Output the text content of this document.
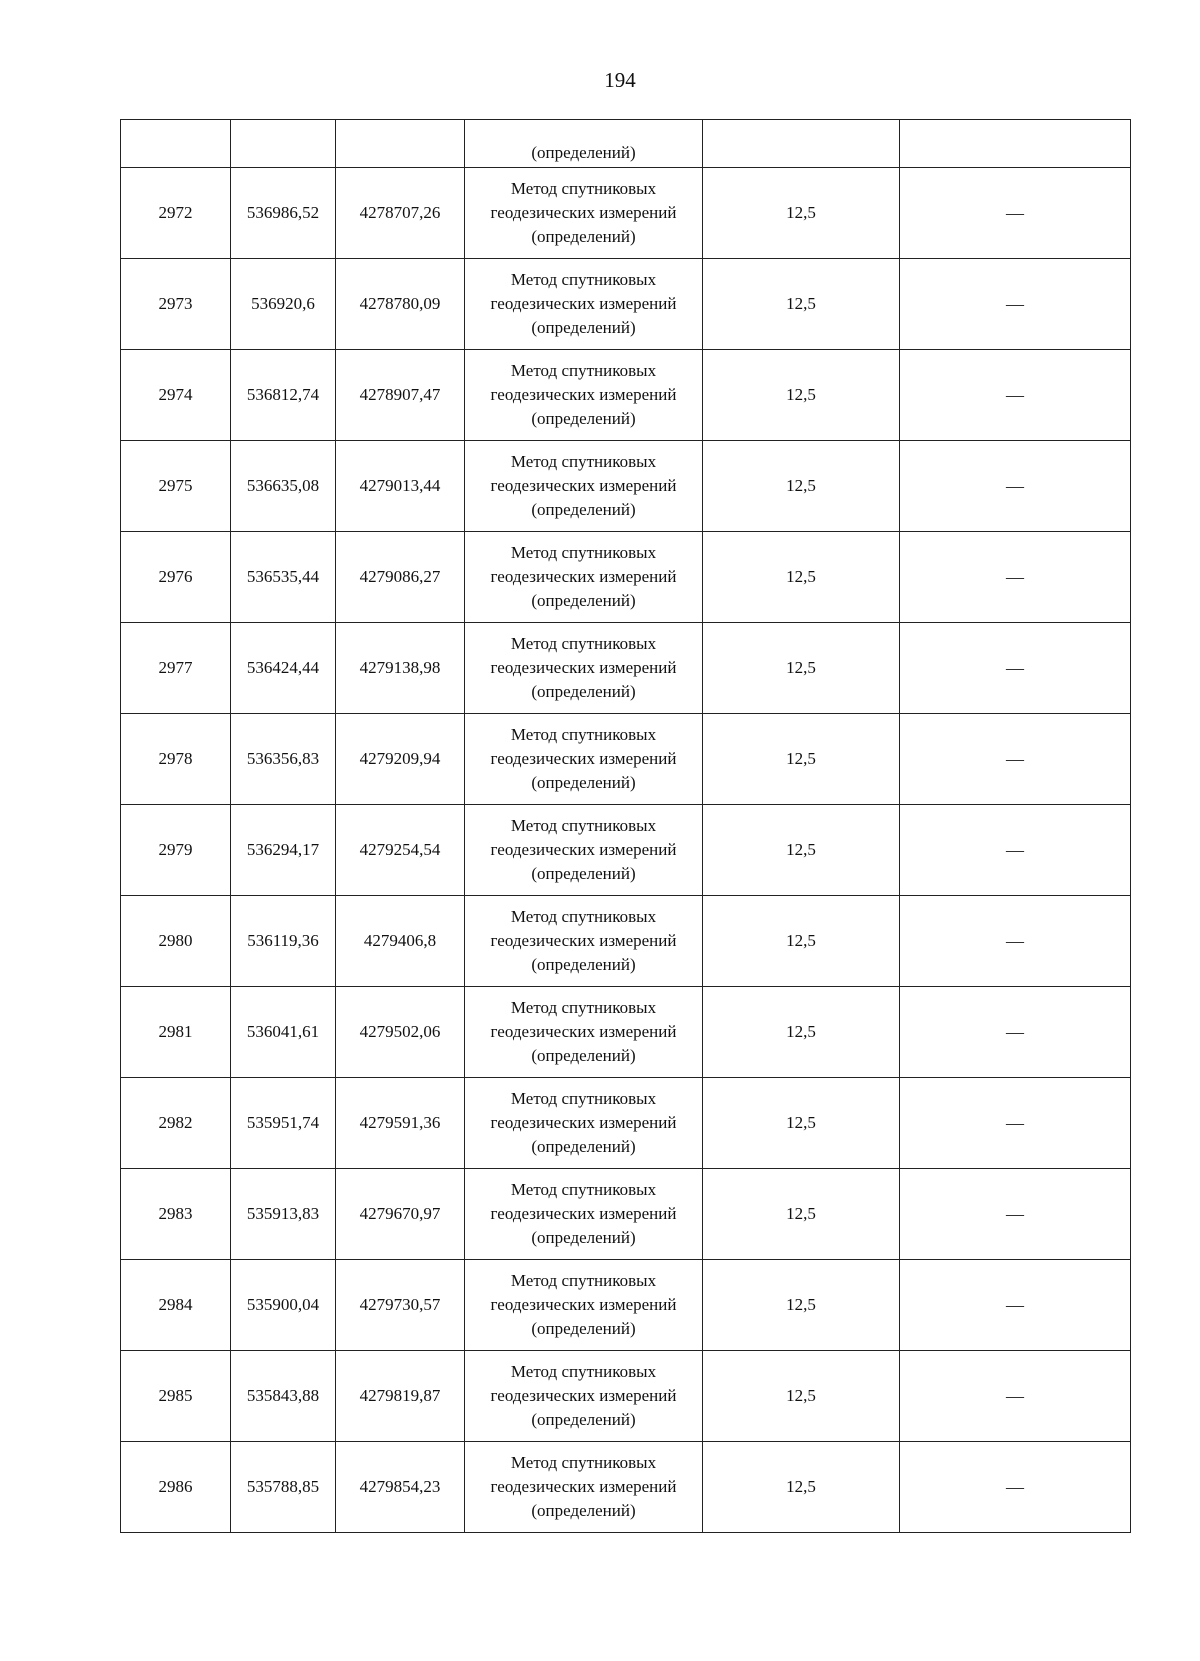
194
			(определений)		
2972	536986,52	4278707,26	Метод спутниковых
геодезических измерений
(определений)	12,5	—
2973	536920,6	4278780,09	Метод спутниковых
геодезических измерений
(определений)	12,5	—
2974	536812,74	4278907,47	Метод спутниковых
геодезических измерений
(определений)	12,5	—
2975	536635,08	4279013,44	Метод спутниковых
геодезических измерений
(определений)	12,5	—
2976	536535,44	4279086,27	Метод спутниковых
геодезических измерений
(определений)	12,5	—
2977	536424,44	4279138,98	Метод спутниковых
геодезических измерений
(определений)	12,5	—
2978	536356,83	4279209,94	Метод спутниковых
геодезических измерений
(определений)	12,5	—
2979	536294,17	4279254,54	Метод спутниковых
геодезических измерений
(определений)	12,5	—
2980	536119,36	4279406,8	Метод спутниковых
геодезических измерений
(определений)	12,5	—
2981	536041,61	4279502,06	Метод спутниковых
геодезических измерений
(определений)	12,5	—
2982	535951,74	4279591,36	Метод спутниковых
геодезических измерений
(определений)	12,5	—
2983	535913,83	4279670,97	Метод спутниковых
геодезических измерений
(определений)	12,5	—
2984	535900,04	4279730,57	Метод спутниковых
геодезических измерений
(определений)	12,5	—
2985	535843,88	4279819,87	Метод спутниковых
геодезических измерений
(определений)	12,5	—
2986	535788,85	4279854,23	Метод спутниковых
геодезических измерений
(определений)	12,5	—
